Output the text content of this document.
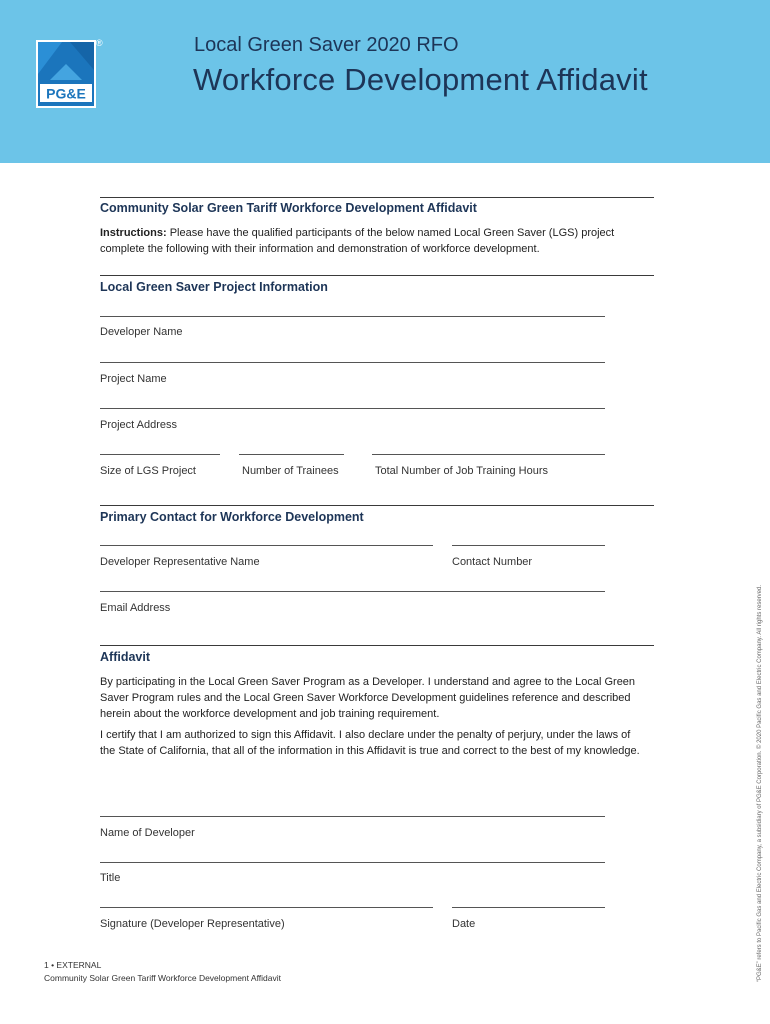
PG&E
®	Local Green Saver 2020 RFO
Workforce Development Affidavit
Community Solar Green Tariff Workforce Development Affidavit
Instructions: Please have the qualified participants of the below named Local Green Saver (LGS) project complete the following with their information and demonstration of workforce development.
Local Green Saver Project Information
Developer Name
Project Name
Project Address
Size of LGS Project	Number of Trainees	Total Number of Job Training Hours
Primary Contact for Workforce Development
Developer Representative Name	Contact Number
Email Address
Affidavit
By participating in the Local Green Saver Program as a Developer. I understand and agree to the Local Green Saver Program rules and the Local Green Saver Workforce Development guidelines reference and described herein about the workforce development and job training requirement.
I certify that I am authorized to sign this Affidavit. I also declare under the penalty of perjury, under the laws of the State of California, that all of the information in this Affidavit is true and correct to the best of my knowledge.
Name of Developer
Title
Signature (Developer Representative)	Date
1 • EXTERNAL
Community Solar Green Tariff Workforce Development Affidavit	“PG&E” refers to Pacific Gas and Electric Company, a subsidiary of PG&E Corporation. © 2020 Pacific Gas and Electric Company. All rights reserved.
